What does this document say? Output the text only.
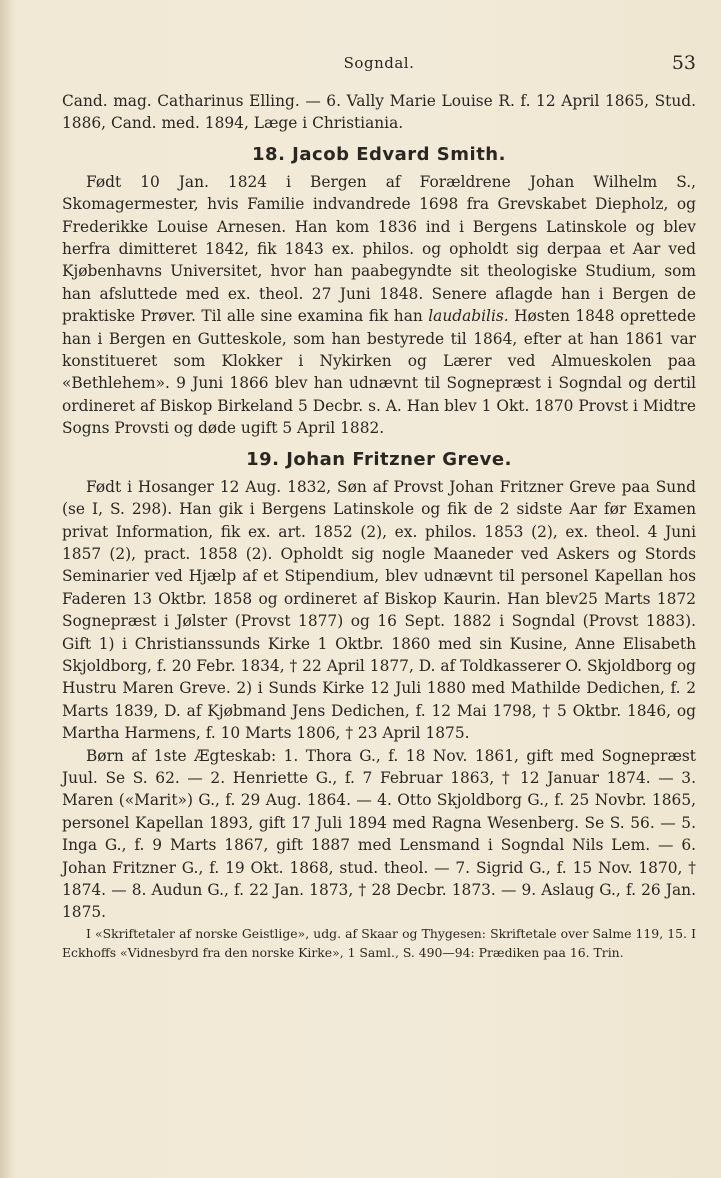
Sogndal.	53

Cand. mag. Catharinus Elling. — 6. Vally Marie Louise R. f. 12 April 1865, Stud. 1886, Cand. med. 1894, Læge i Christiania.

18. Jacob Edvard Smith.

Født 10 Jan. 1824 i Bergen af Forældrene Johan Wilhelm S., Skomagermester, hvis Familie indvandrede 1698 fra Grevskabet Diepholz, og Frederikke Louise Arnesen. Han kom 1836 ind i Bergens Latinskole og blev herfra dimitteret 1842, fik 1843 ex. philos. og opholdt sig derpaa et Aar ved Kjøbenhavns Universitet, hvor han paabegyndte sit theologiske Studium, som han afsluttede med ex. theol. 27 Juni 1848. Senere aflagde han i Bergen de praktiske Prøver. Til alle sine examina fik han laudabilis. Høsten 1848 oprettede han i Bergen en Gutteskole, som han bestyrede til 1864, efter at han 1861 var konstitueret som Klokker i Nykirken og Lærer ved Almueskolen paa «Bethlehem». 9 Juni 1866 blev han udnævnt til Sognepræst i Sogndal og dertil ordineret af Biskop Birkeland 5 Decbr. s. A. Han blev 1 Okt. 1870 Provst i Midtre Sogns Provsti og døde ugift 5 April 1882.

19. Johan Fritzner Greve.

Født i Hosanger 12 Aug. 1832, Søn af Provst Johan Fritzner Greve paa Sund (se I, S. 298). Han gik i Bergens Latinskole og fik de 2 sidste Aar før Examen privat Information, fik ex. art. 1852 (2), ex. philos. 1853 (2), ex. theol. 4 Juni 1857 (2), pract. 1858 (2). Opholdt sig nogle Maaneder ved Askers og Stords Seminarier ved Hjælp af et Stipendium, blev udnævnt til personel Kapellan hos Faderen 13 Oktbr. 1858 og ordineret af Biskop Kaurin. Han blev25 Marts 1872 Sognepræst i Jølster (Provst 1877) og 16 Sept. 1882 i Sogndal (Provst 1883). Gift 1) i Christianssunds Kirke 1 Oktbr. 1860 med sin Kusine, Anne Elisabeth Skjoldborg, f. 20 Febr. 1834, † 22 April 1877, D. af Toldkasserer O. Skjoldborg og Hustru Maren Greve. 2) i Sunds Kirke 12 Juli 1880 med Mathilde Dedichen, f. 2 Marts 1839, D. af Kjøbmand Jens Dedichen, f. 12 Mai 1798, † 5 Oktbr. 1846, og Martha Harmens, f. 10 Marts 1806, † 23 April 1875.

Børn af 1ste Ægteskab: 1. Thora G., f. 18 Nov. 1861, gift med Sognepræst Juul. Se S. 62. — 2. Henriette G., f. 7 Februar 1863, † 12 Januar 1874. — 3. Maren («Marit») G., f. 29 Aug. 1864. — 4. Otto Skjoldborg G., f. 25 Novbr. 1865, personel Kapellan 1893, gift 17 Juli 1894 med Ragna Wesenberg. Se S. 56. — 5. Inga G., f. 9 Marts 1867, gift 1887 med Lensmand i Sogndal Nils Lem. — 6. Johan Fritzner G., f. 19 Okt. 1868, stud. theol. — 7. Sigrid G., f. 15 Nov. 1870, † 1874. — 8. Audun G., f. 22 Jan. 1873, † 28 Decbr. 1873. — 9. Aslaug G., f. 26 Jan. 1875.

I «Skriftetaler af norske Geistlige», udg. af Skaar og Thygesen: Skriftetale over Salme 119, 15. I Eckhoffs «Vidnesbyrd fra den norske Kirke», 1 Saml., S. 490—94: Prædiken paa 16. Trin.
